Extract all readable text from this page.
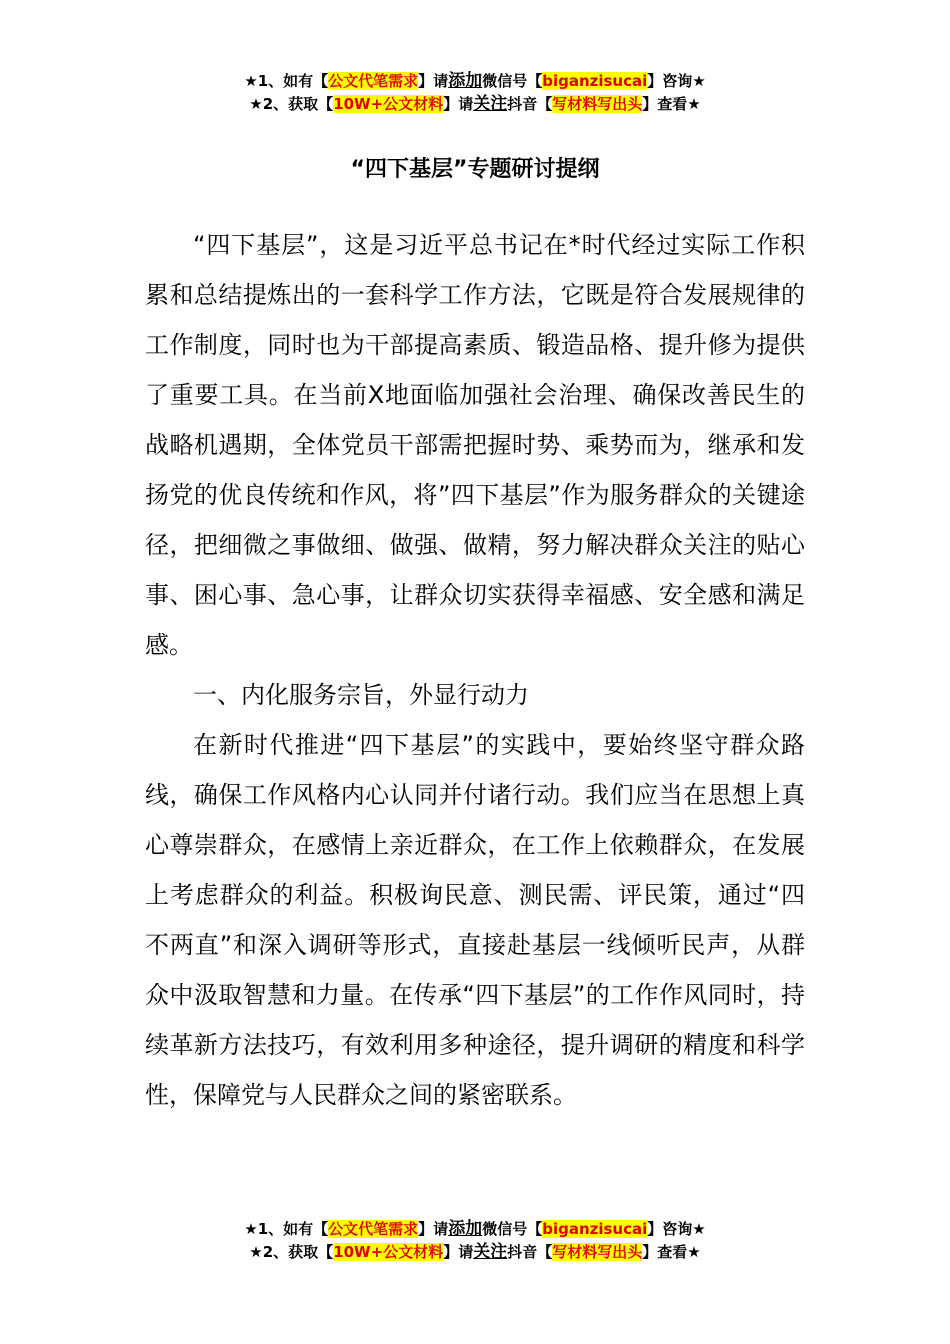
★1、如有【公文代笔需求】请添加微信号【biganzisucai】咨询★
★2、获取【10W+公文材料】请关注抖音【写材料写出头】查看★
“四下基层”专题研讨提纲

“四下基层”，这是习近平总书记在*时代经过实际工作积累和总结提炼出的一套科学工作方法，它既是符合发展规律的工作制度，同时也为干部提高素质、锻造品格、提升修为提供了重要工具。在当前X地面临加强社会治理、确保改善民生的战略机遇期，全体党员干部需把握时势、乘势而为，继承和发扬党的优良传统和作风，将”四下基层”作为服务群众的关键途径，把细微之事做细、做强、做精，努力解决群众关注的贴心事、困心事、急心事，让群众切实获得幸福感、安全感和满足感。

一、内化服务宗旨，外显行动力

在新时代推进“四下基层”的实践中，要始终坚守群众路线，确保工作风格内心认同并付诸行动。我们应当在思想上真心尊崇群众，在感情上亲近群众，在工作上依赖群众，在发展上考虑群众的利益。积极询民意、测民需、评民策，通过“四不两直”和深入调研等形式，直接赴基层一线倾听民声，从群众中汲取智慧和力量。在传承“四下基层”的工作作风同时，持续革新方法技巧，有效利用多种途径，提升调研的精度和科学性，保障党与人民群众之间的紧密联系。

★1、如有【公文代笔需求】请添加微信号【biganzisucai】咨询★
★2、获取【10W+公文材料】请关注抖音【写材料写出头】查看★
